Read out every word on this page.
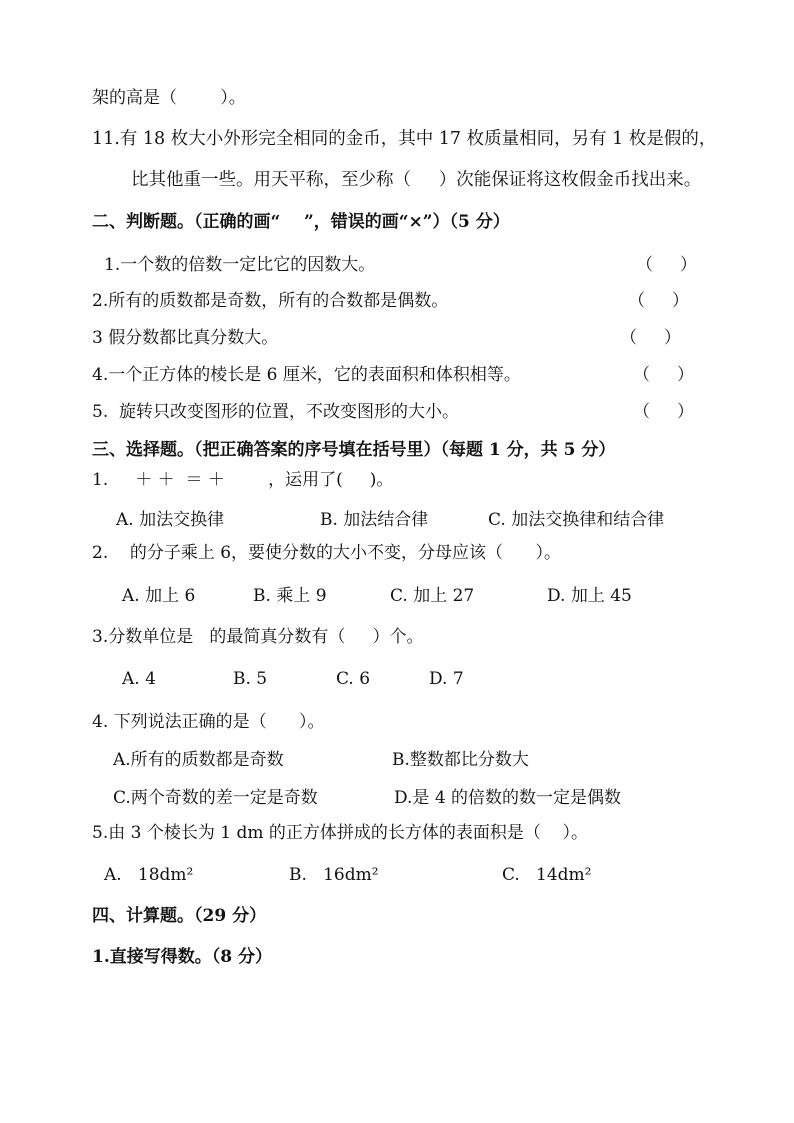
架的高是（        ）。
11.有 18 枚大小外形完全相同的金币，其中 17 枚质量相同，另有 1 枚是假的，
比其他重一些。用天平称，至少称（     ）次能保证将这枚假金币找出来。
二、判断题。（正确的画“    ”，错误的画“×”）（5 分）
1.一个数的倍数一定比它的因数大。	（     ）
2.所有的质数都是奇数，所有的合数都是偶数。	（     ）
3 假分数都比真分数大。	（     ）
4.一个正方体的棱长是 6 厘米，它的表面积和体积相等。	（     ）
5.  旋转只改变图形的位置，不改变图形的大小。	（     ）
三、选择题。（把正确答案的序号填在括号里）（每题 1 分，共 5 分）
1.     ＋ ＋  ＝ ＋        ，运用了(     )。
A. 加法交换律	B. 加法结合律	C. 加法交换律和结合律
2.    的分子乘上 6，要使分数的大小不变，分母应该（      ）。
A. 加上 6	B. 乘上 9	C. 加上 27	D. 加上 45
3.分数单位是   的最简真分数有（     ）个。
A. 4	B. 5	C. 6	D. 7
4. 下列说法正确的是（      ）。
A.所有的质数都是奇数	B.整数都比分数大
C.两个奇数的差一定是奇数	D.是 4 的倍数的数一定是偶数
5.由 3 个棱长为 1 dm 的正方体拼成的长方体的表面积是（    ）。
A.   18dm²	B.   16dm²	C.   14dm²
四、计算题。（29 分）
1.直接写得数。（8 分）
